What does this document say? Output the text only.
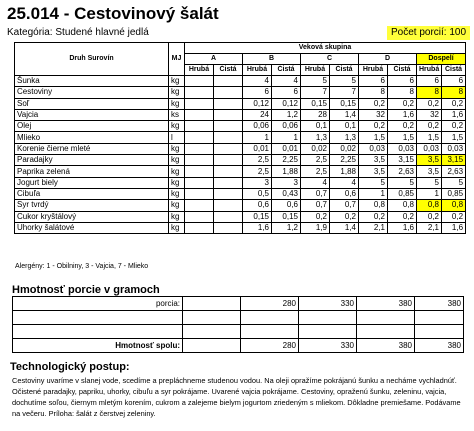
25.014 - Cestovinový šalát
Kategória: Studené hlavné jedlá	Počet porcií: 100
Druh Surovín	MJ	Veková skupina									
		A		B		C		D		Dospelí	
		Hrubá	Čistá	Hrubá	Čistá	Hrubá	Čistá	Hrubá	Čistá	Hrubá	Čistá
Šunka	kg			4	4	5	5	6	6	6	6
Cestoviny	kg			6	6	7	7	8	8	8	8
Soľ	kg			0,12	0,12	0,15	0,15	0,2	0,2	0,2	0,2
Vajcia	ks			24	1,2	28	1,4	32	1,6	32	1,6
Olej	kg			0,06	0,06	0,1	0,1	0,2	0,2	0,2	0,2
Mlieko	l			1	1	1,3	1,3	1,5	1,5	1,5	1,5
Korenie čierne mleté	kg			0,01	0,01	0,02	0,02	0,03	0,03	0,03	0,03
Paradajky	kg			2,5	2,25	2,5	2,25	3,5	3,15	3,5	3,15
Paprika zelená	kg			2,5	1,88	2,5	1,88	3,5	2,63	3,5	2,63
Jogurt biely	kg			3	3	4	4	5	5	5	5
Cibuľa	kg			0,5	0,43	0,7	0,6	1	0,85	1	0,85
Syr tvrdý	kg			0,6	0,6	0,7	0,7	0,8	0,8	0,8	0,8
Cukor kryštálový	kg			0,15	0,15	0,2	0,2	0,2	0,2	0,2	0,2
Uhorky šalátové	kg			1,6	1,2	1,9	1,4	2,1	1,6	2,1	1,6
Alergény: 1 - Obilniny, 3 - Vajcia, 7 - Mlieko
Hmotnosť porcie v gramoch
porcia:		280	330	380	380

Hmotnosť spolu:		280	330	380	380
Technologický postup:
Cestoviny uvaríme v slanej vode, scedíme a prepláchneme studenou vodou. Na oleji opražíme pokrájanú šunku a necháme vychladnúť. Očistené paradajky, papriku, uhorky, cibuľu a syr pokrájame. Uvarené vajcia pokrájame. Cestoviny, opraženú šunku, zeleninu, vajcia, dochutíme soľou, čiernym mletým korením, cukrom a zalejeme bielym jogurtom zriedeným s mliekom. Dôkladne premiešame. Podávame na večeru. Príloha: šalát z čerstvej zeleniny.
